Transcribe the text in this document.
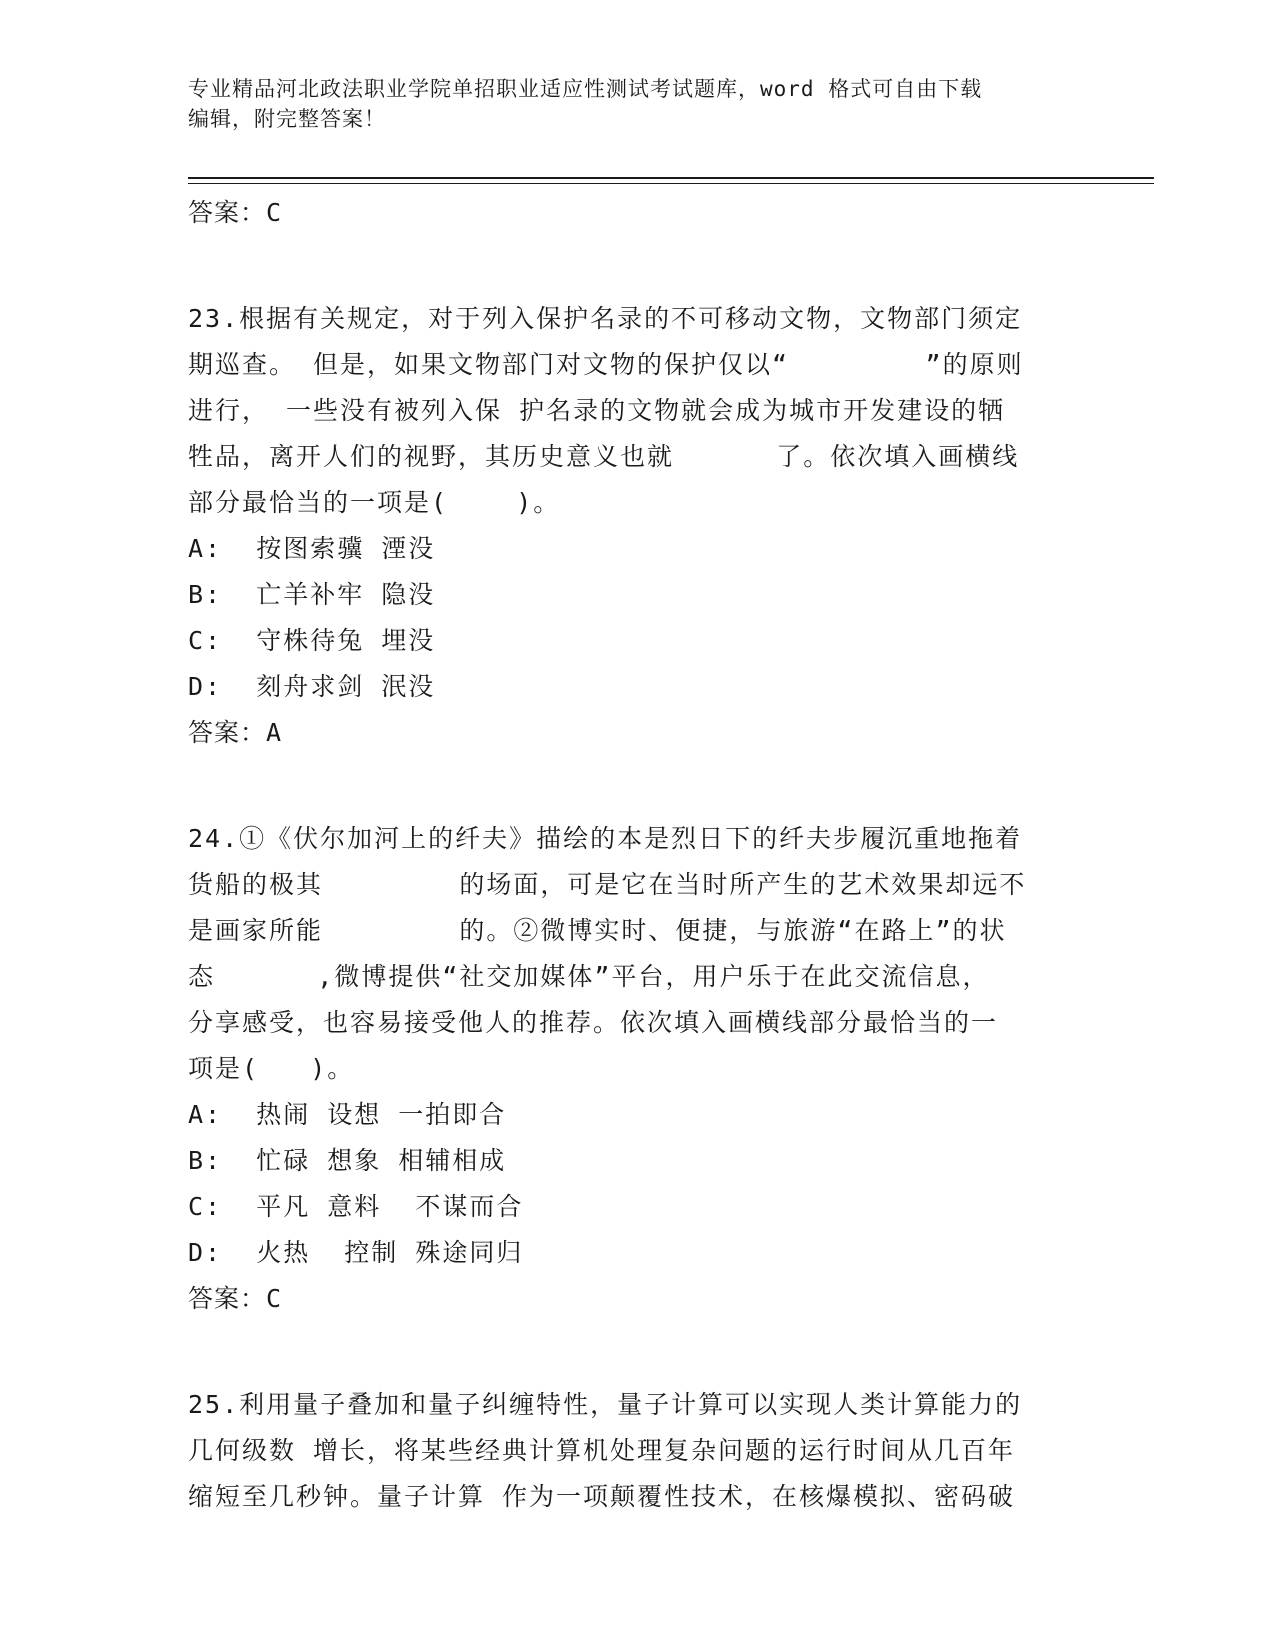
专业精品河北政法职业学院单招职业适应性测试考试题库，word 格式可自由下载
编辑，附完整答案！
答案：C
23.根据有关规定，对于列入保护名录的不可移动文物，文物部门须定
期巡查。 但是，如果文物部门对文物的保护仅以“        ”的原则
进行， 一些没有被列入保 护名录的文物就会成为城市开发建设的牺
牲品，离开人们的视野，其历史意义也就      了。依次填入画横线
部分最恰当的一项是(    )。
A:  按图索骥 湮没
B:  亡羊补牢 隐没
C:  守株待兔 埋没
D:  刻舟求剑 泯没
答案：A
24.①《伏尔加河上的纤夫》描绘的本是烈日下的纤夫步履沉重地拖着
货船的极其        的场面，可是它在当时所产生的艺术效果却远不
是画家所能        的。②微博实时、便捷，与旅游“在路上”的状
态      ,微博提供“社交加媒体”平台，用户乐于在此交流信息，
分享感受，也容易接受他人的推荐。依次填入画横线部分最恰当的一
项是(   )。
A:  热闹 设想 一拍即合
B:  忙碌 想象 相辅相成
C:  平凡 意料  不谋而合
D:  火热  控制 殊途同归
答案：C
25.利用量子叠加和量子纠缠特性，量子计算可以实现人类计算能力的
几何级数 增长，将某些经典计算机处理复杂问题的运行时间从几百年
缩短至几秒钟。量子计算 作为一项颠覆性技术，在核爆模拟、密码破
